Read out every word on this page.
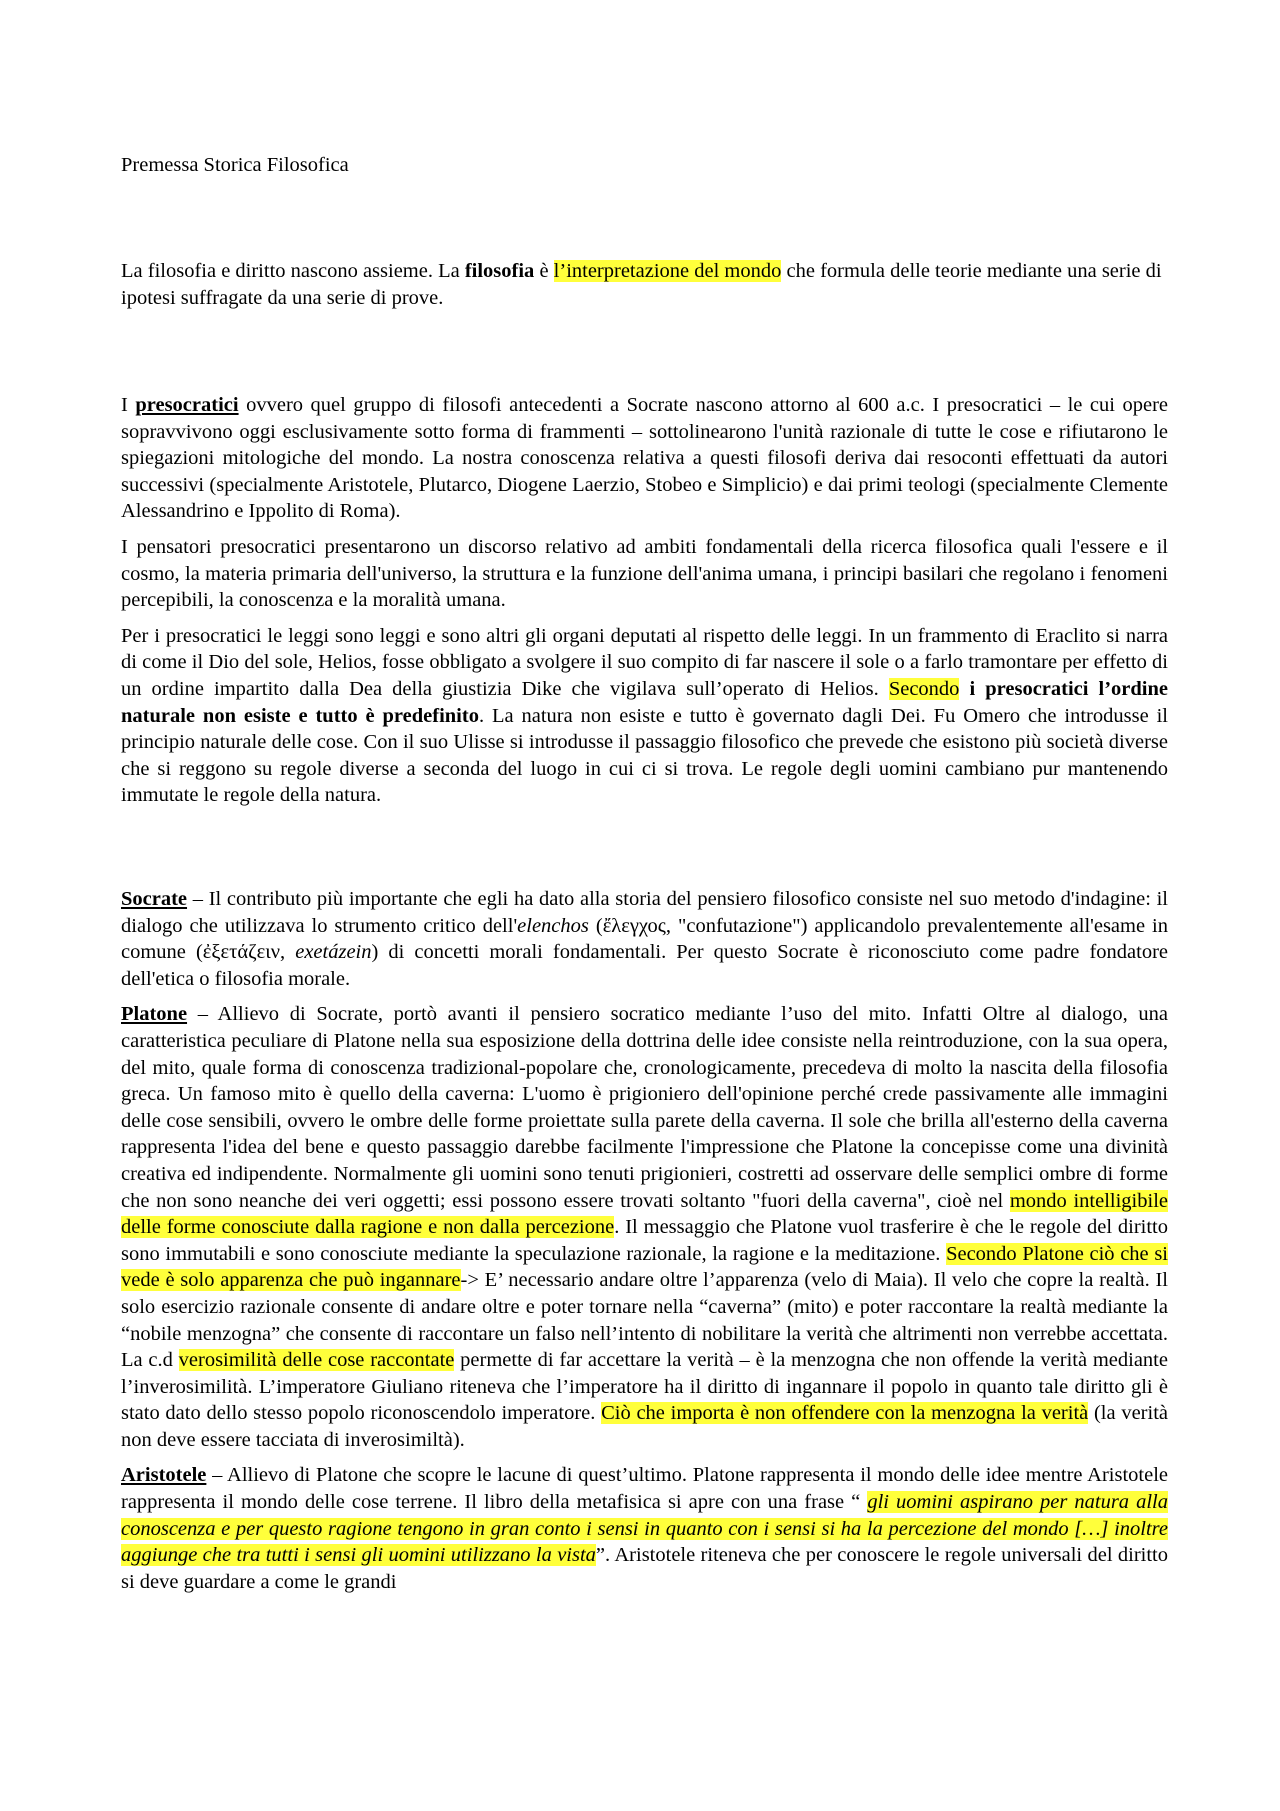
Premessa Storica Filosofica

La filosofia e diritto nascono assieme. La filosofia è l’interpretazione del mondo che formula delle teorie mediante una serie di ipotesi suffragate da una serie di prove.

I presocratici ovvero quel gruppo di filosofi antecedenti a Socrate nascono attorno al 600 a.c. I presocratici – le cui opere sopravvivono oggi esclusivamente sotto forma di frammenti – sottolinearono l'unità razionale di tutte le cose e rifiutarono le spiegazioni mitologiche del mondo. La nostra conoscenza relativa a questi filosofi deriva dai resoconti effettuati da autori successivi (specialmente Aristotele, Plutarco, Diogene Laerzio, Stobeo e Simplicio) e dai primi teologi (specialmente Clemente Alessandrino e Ippolito di Roma).

I pensatori presocratici presentarono un discorso relativo ad ambiti fondamentali della ricerca filosofica quali l'essere e il cosmo, la materia primaria dell'universo, la struttura e la funzione dell'anima umana, i principi basilari che regolano i fenomeni percepibili, la conoscenza e la moralità umana.

Per i presocratici le leggi sono leggi e sono altri gli organi deputati al rispetto delle leggi. In un frammento di Eraclito si narra di come il Dio del sole, Helios, fosse obbligato a svolgere il suo compito di far nascere il sole o a farlo tramontare per effetto di un ordine impartito dalla Dea della giustizia Dike che vigilava sull’operato di Helios. Secondo i presocratici l’ordine naturale non esiste e tutto è predefinito. La natura non esiste e tutto è governato dagli Dei. Fu Omero che introdusse il principio naturale delle cose. Con il suo Ulisse si introdusse il passaggio filosofico che prevede che esistono più società diverse che si reggono su regole diverse a seconda del luogo in cui ci si trova. Le regole degli uomini cambiano pur mantenendo immutate le regole della natura.

Socrate – Il contributo più importante che egli ha dato alla storia del pensiero filosofico consiste nel suo metodo d'indagine: il dialogo che utilizzava lo strumento critico dell'elenchos (ἔλεγχος, "confutazione") applicandolo prevalentemente all'esame in comune (ἐξετάζειν, exetázein) di concetti morali fondamentali. Per questo Socrate è riconosciuto come padre fondatore dell'etica o filosofia morale.

Platone – Allievo di Socrate, portò avanti il pensiero socratico mediante l’uso del mito. Infatti Oltre al dialogo, una caratteristica peculiare di Platone nella sua esposizione della dottrina delle idee consiste nella reintroduzione, con la sua opera, del mito, quale forma di conoscenza tradizional-popolare che, cronologicamente, precedeva di molto la nascita della filosofia greca. Un famoso mito è quello della caverna: L'uomo è prigioniero dell'opinione perché crede passivamente alle immagini delle cose sensibili, ovvero le ombre delle forme proiettate sulla parete della caverna. Il sole che brilla all'esterno della caverna rappresenta l'idea del bene e questo passaggio darebbe facilmente l'impressione che Platone la concepisse come una divinità creativa ed indipendente. Normalmente gli uomini sono tenuti prigionieri, costretti ad osservare delle semplici ombre di forme che non sono neanche dei veri oggetti; essi possono essere trovati soltanto "fuori della caverna", cioè nel mondo intelligibile delle forme conosciute dalla ragione e non dalla percezione. Il messaggio che Platone vuol trasferire è che le regole del diritto sono immutabili e sono conosciute mediante la speculazione razionale, la ragione e la meditazione. Secondo Platone ciò che si vede è solo apparenza che può ingannare-> E’ necessario andare oltre l’apparenza (velo di Maia). Il velo che copre la realtà. Il solo esercizio razionale consente di andare oltre e poter tornare nella “caverna” (mito) e poter raccontare la realtà mediante la “nobile menzogna” che consente di raccontare un falso nell’intento di nobilitare la verità che altrimenti non verrebbe accettata. La c.d verosimilità delle cose raccontate permette di far accettare la verità – è la menzogna che non offende la verità mediante l’inverosimilità. L’imperatore Giuliano riteneva che l’imperatore ha il diritto di ingannare il popolo in quanto tale diritto gli è stato dato dello stesso popolo riconoscendolo imperatore. Ciò che importa è non offendere con la menzogna la verità (la verità non deve essere tacciata di inverosimiltà).

Aristotele – Allievo di Platone che scopre le lacune di quest’ultimo. Platone rappresenta il mondo delle idee mentre Aristotele rappresenta il mondo delle cose terrene. Il libro della metafisica si apre con una frase “ gli uomini aspirano per natura alla conoscenza e per questo ragione tengono in gran conto i sensi in quanto con i sensi si ha la percezione del mondo […] inoltre aggiunge che tra tutti i sensi gli uomini utilizzano la vista”. Aristotele riteneva che per conoscere le regole universali del diritto si deve guardare a come le grandi
